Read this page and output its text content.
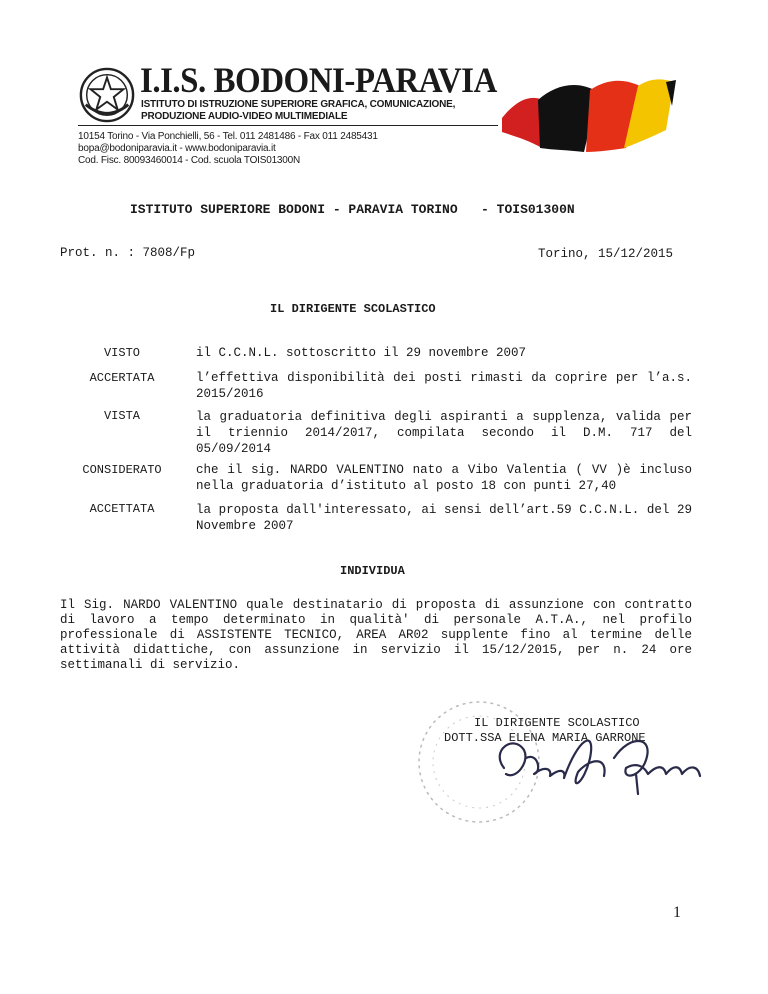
I.I.S. BODONI-PARAVIA
ISTITUTO DI ISTRUZIONE SUPERIORE GRAFICA, COMUNICAZIONE, PRODUZIONE AUDIO-VIDEO MULTIMEDIALE
10154 Torino - Via Ponchielli, 56 - Tel. 011 2481486 - Fax 011 2485431
bopa@bodoniparavia.it - www.bodoniparavia.it
Cod. Fisc. 80093460014 - Cod. scuola TOIS01300N
ISTITUTO SUPERIORE BODONI - PARAVIA TORINO   - TOIS01300N
Prot. n. : 7808/Fp	Torino, 15/12/2015
IL DIRIGENTE SCOLASTICO
VISTO	il C.C.N.L. sottoscritto il 29 novembre 2007
ACCERTATA	l’effettiva disponibilità dei posti rimasti da coprire per l’a.s. 2015/2016
VISTA	la graduatoria definitiva degli aspiranti a supplenza, valida per il triennio 2014/2017, compilata secondo il D.M. 717 del 05/09/2014
CONSIDERATO	che il sig. NARDO VALENTINO nato a Vibo Valentia ( VV )è incluso nella graduatoria d’istituto al posto 18 con punti 27,40
ACCETTATA	la proposta dall'interessato, ai sensi dell’art.59 C.C.N.L. del 29 Novembre 2007
INDIVIDUA
Il Sig. NARDO VALENTINO quale destinatario di proposta di assunzione con contratto di lavoro a tempo determinato in qualità' di personale A.T.A., nel profilo professionale di ASSISTENTE TECNICO, AREA AR02 supplente fino al termine delle attività didattiche, con assunzione in servizio il 15/12/2015, per n. 24 ore settimanali di servizio.
IL DIRIGENTE SCOLASTICO
DOTT.SSA ELENA MARIA GARRONE
1
